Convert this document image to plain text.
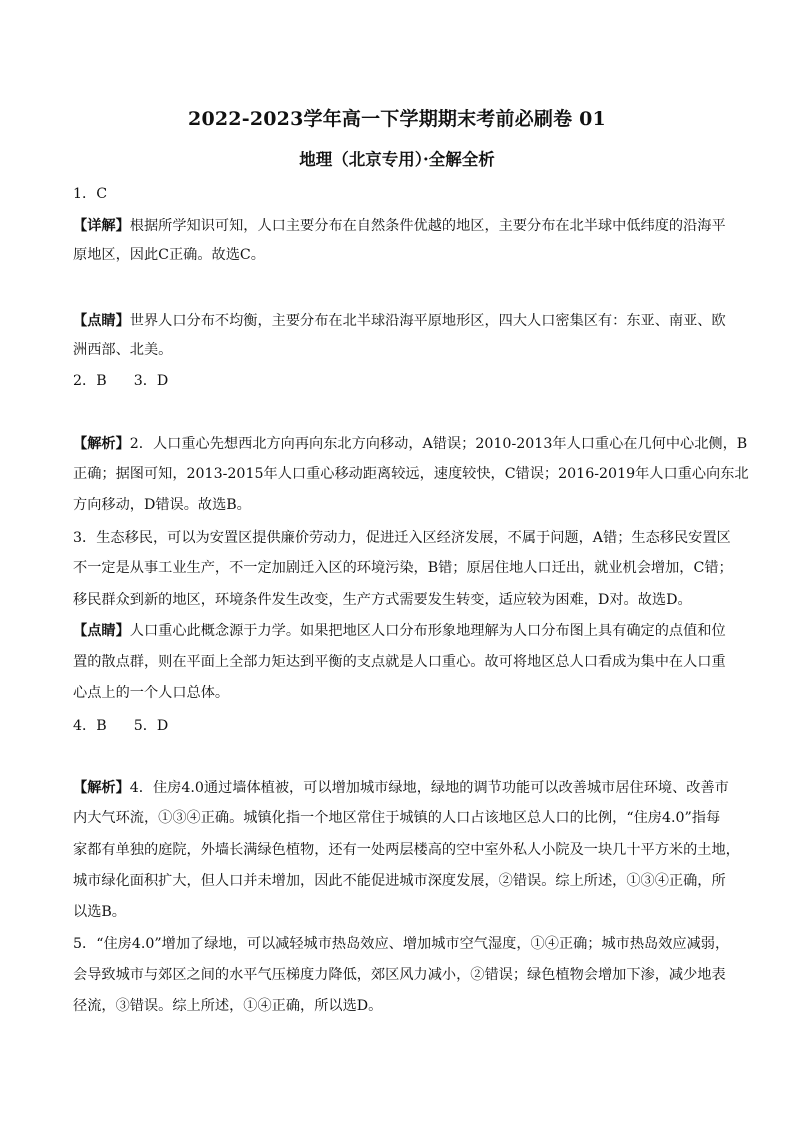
2022-2023学年高一下学期期末考前必刷卷 01
地理（北京专用）·全解全析
1．C
【详解】根据所学知识可知，人口主要分布在自然条件优越的地区，主要分布在北半球中低纬度的沿海平
原地区，因此C正确。故选C。
【点睛】世界人口分布不均衡，主要分布在北半球沿海平原地形区，四大人口密集区有：东亚、南亚、欧
洲西部、北美。
2．B      3．D
【解析】2．人口重心先想西北方向再向东北方向移动，A错误；2010-2013年人口重心在几何中心北侧，B
正确；据图可知，2013-2015年人口重心移动距离较远，速度较快，C错误；2016-2019年人口重心向东北
方向移动，D错误。故选B。
3．生态移民，可以为安置区提供廉价劳动力，促进迁入区经济发展，不属于问题，A错；生态移民安置区
不一定是从事工业生产，不一定加剧迁入区的环境污染，B错；原居住地人口迁出，就业机会增加，C错；
移民群众到新的地区，环境条件发生改变，生产方式需要发生转变，适应较为困难，D对。故选D。
【点睛】人口重心此概念源于力学。如果把地区人口分布形象地理解为人口分布图上具有确定的点值和位
置的散点群，则在平面上全部力矩达到平衡的支点就是人口重心。故可将地区总人口看成为集中在人口重
心点上的一个人口总体。
4．B      5．D
【解析】4．住房4.0通过墙体植被，可以增加城市绿地，绿地的调节功能可以改善城市居住环境、改善市
内大气环流，①③④正确。城镇化指一个地区常住于城镇的人口占该地区总人口的比例，“住房4.0”指每
家都有单独的庭院，外墙长满绿色植物，还有一处两层楼高的空中室外私人小院及一块几十平方米的土地，
城市绿化面积扩大，但人口并未增加，因此不能促进城市深度发展，②错误。综上所述，①③④正确，所
以选B。
5．“住房4.0”增加了绿地，可以减轻城市热岛效应、增加城市空气湿度，①④正确；城市热岛效应减弱，
会导致城市与郊区之间的水平气压梯度力降低，郊区风力减小，②错误；绿色植物会增加下渗，减少地表
径流，③错误。综上所述，①④正确，所以选D。
